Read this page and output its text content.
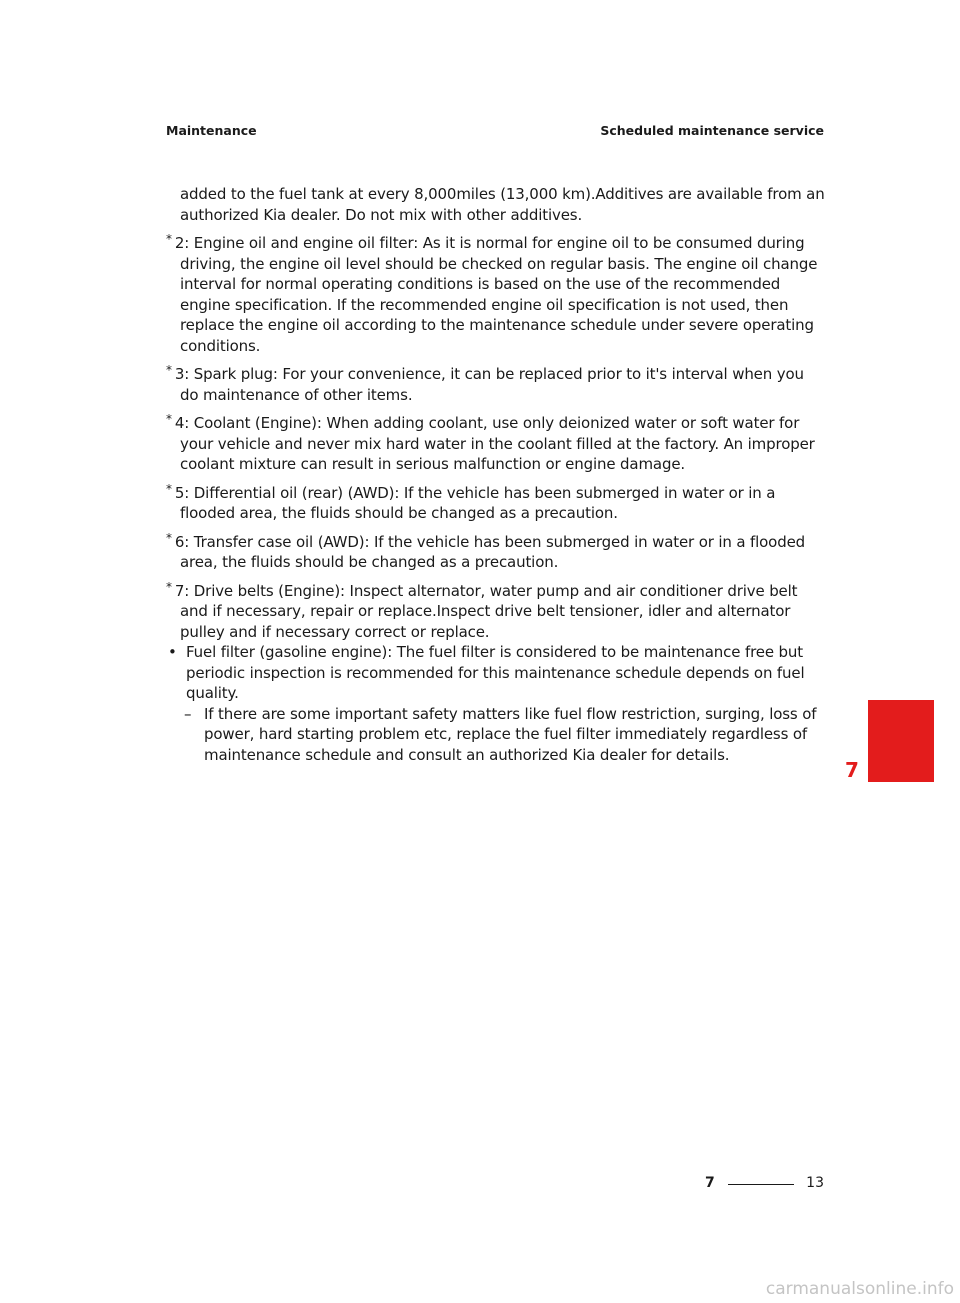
Maintenance	Scheduled maintenance service

added to the fuel tank at every 8,000miles (13,000 km).Additives are available from an authorized Kia dealer. Do not mix with other additives.

* 2: Engine oil and engine oil filter: As it is normal for engine oil to be consumed during driving, the engine oil level should be checked on regular basis. The engine oil change interval for normal operating conditions is based on the use of the recommended engine specification. If the recommended engine oil specification is not used, then replace the engine oil according to the maintenance schedule under severe operating conditions.

* 3: Spark plug: For your convenience, it can be replaced prior to it's interval when you do maintenance of other items.

* 4: Coolant (Engine): When adding coolant, use only deionized water or soft water for your vehicle and never mix hard water in the coolant filled at the factory. An improper coolant mixture can result in serious malfunction or engine damage.

* 5: Differential oil (rear) (AWD): If the vehicle has been submerged in water or in a flooded area, the fluids should be changed as a precaution.

* 6: Transfer case oil (AWD): If the vehicle has been submerged in water or in a flooded area, the fluids should be changed as a precaution.

* 7: Drive belts (Engine): Inspect alternator, water pump and air conditioner drive belt and if necessary, repair or replace.Inspect drive belt tensioner, idler and alternator pulley and if necessary correct or replace.

• Fuel filter (gasoline engine): The fuel filter is considered to be maintenance free but periodic inspection is recommended for this maintenance schedule depends on fuel quality.

– If there are some important safety matters like fuel flow restriction, surging, loss of power, hard starting problem etc, replace the fuel filter immediately regardless of maintenance schedule and consult an authorized Kia dealer for details.

7
7	13
carmanualsonline.info
